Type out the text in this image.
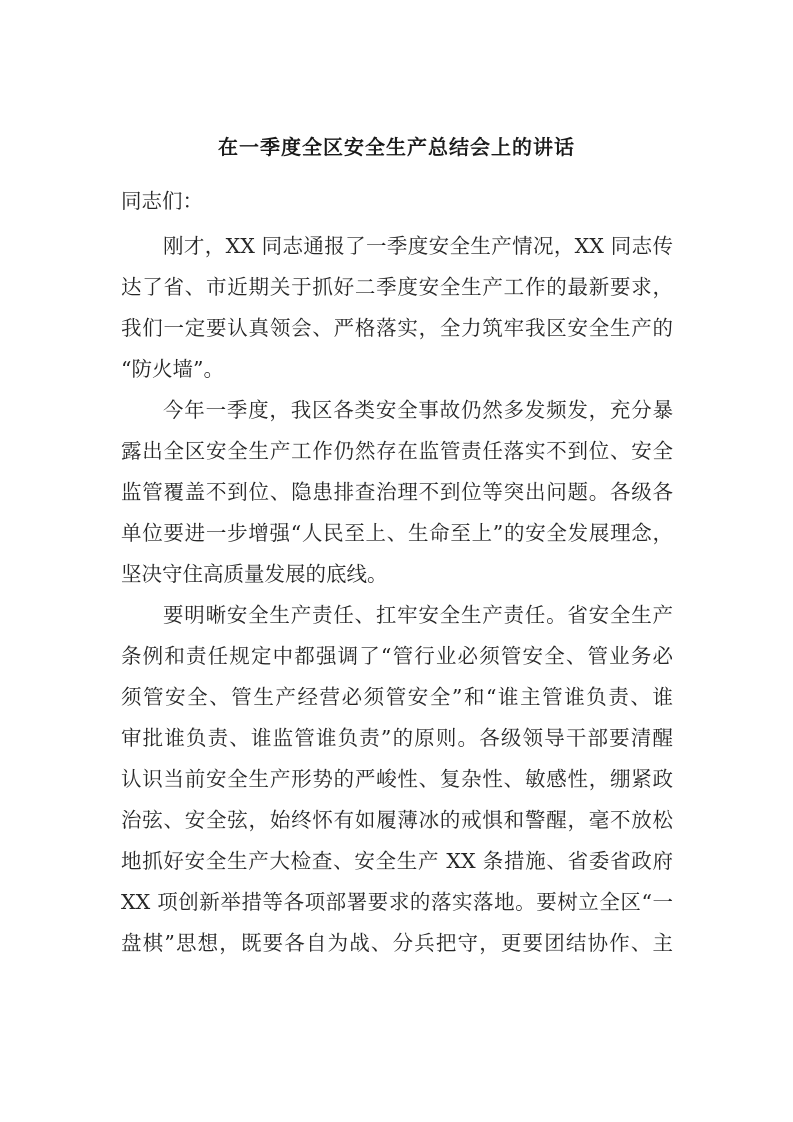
在一季度全区安全生产总结会上的讲话
同志们：
刚才，XX 同志通报了一季度安全生产情况，XX 同志传
达了省、市近期关于抓好二季度安全生产工作的最新要求，
我们一定要认真领会、严格落实，全力筑牢我区安全生产的
“防火墙”。
今年一季度，我区各类安全事故仍然多发频发，充分暴
露出全区安全生产工作仍然存在监管责任落实不到位、安全
监管覆盖不到位、隐患排查治理不到位等突出问题。各级各
单位要进一步增强“人民至上、生命至上”的安全发展理念，
坚决守住高质量发展的底线。
要明晰安全生产责任、扛牢安全生产责任。省安全生产
条例和责任规定中都强调了“管行业必须管安全、管业务必
须管安全、管生产经营必须管安全”和“谁主管谁负责、谁
审批谁负责、谁监管谁负责”的原则。各级领导干部要清醒
认识当前安全生产形势的严峻性、复杂性、敏感性，绷紧政
治弦、安全弦，始终怀有如履薄冰的戒惧和警醒，毫不放松
地抓好安全生产大检查、安全生产 XX 条措施、省委省政府
XX 项创新举措等各项部署要求的落实落地。要树立全区“一
盘棋”思想，既要各自为战、分兵把守，更要团结协作、主
